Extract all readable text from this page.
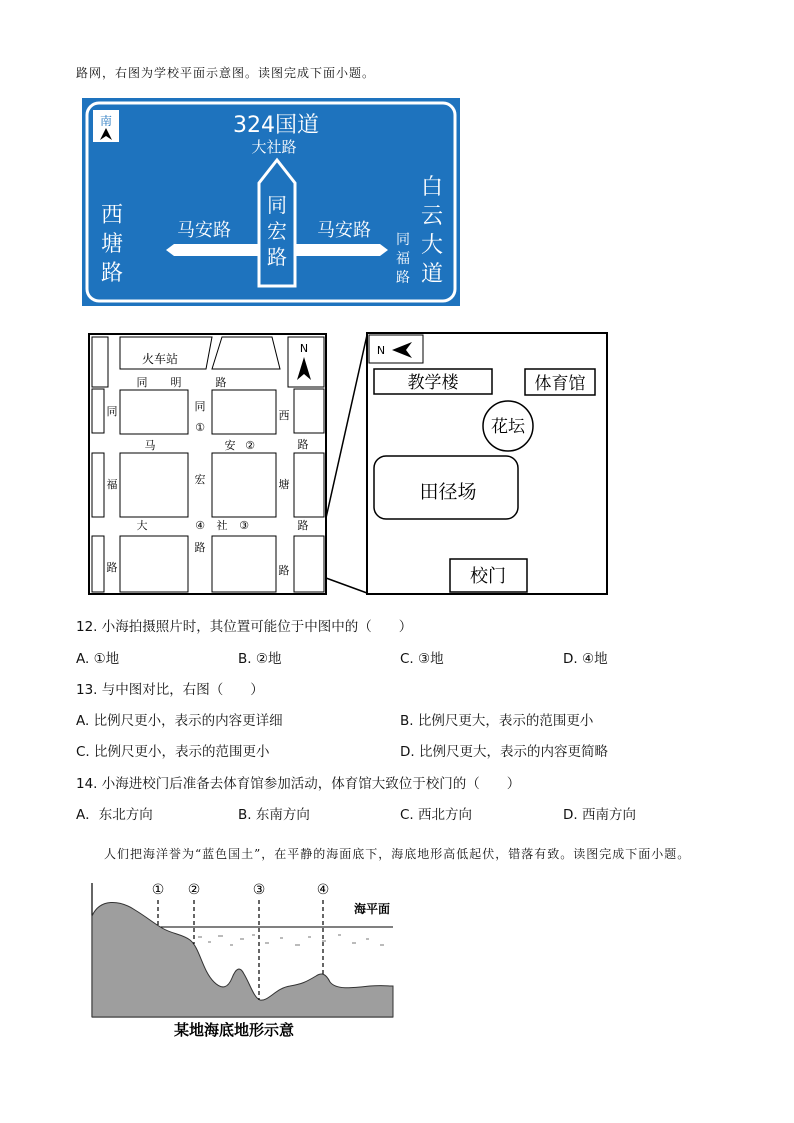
路网，右图为学校平面示意图。读图完成下面小题。
南	324国道
大社路
同
宏
路
马安路	马安路
西
塘
路
白
云
大
道
同
福
路
火车站
N
同 明	路
同	同
①
西
马	安 ②	路
福	宏	塘
大	④ 社 ③	路
路
路
路
N
教学楼	体育馆
花坛
田径场
校门
12. 小海拍摄照片时，其位置可能位于中图中的（　　）
A. ①地	B. ②地	C. ③地	D. ④地
13. 与中图对比，右图（　　）
A. 比例尺更小，表示的内容更详细	B. 比例尺更大，表示的范围更小
C. 比例尺更小，表示的范围更小	D. 比例尺更大，表示的内容更简略
14. 小海进校门后准备去体育馆参加活动，体育馆大致位于校门的（　　）
A．东北方向	B. 东南方向	C. 西北方向	D. 西南方向
人们把海洋誉为“蓝色国土”，在平静的海面底下，海底地形高低起伏，错落有致。读图完成下面小题。
① ②	③	④
海平面
某地海底地形示意
